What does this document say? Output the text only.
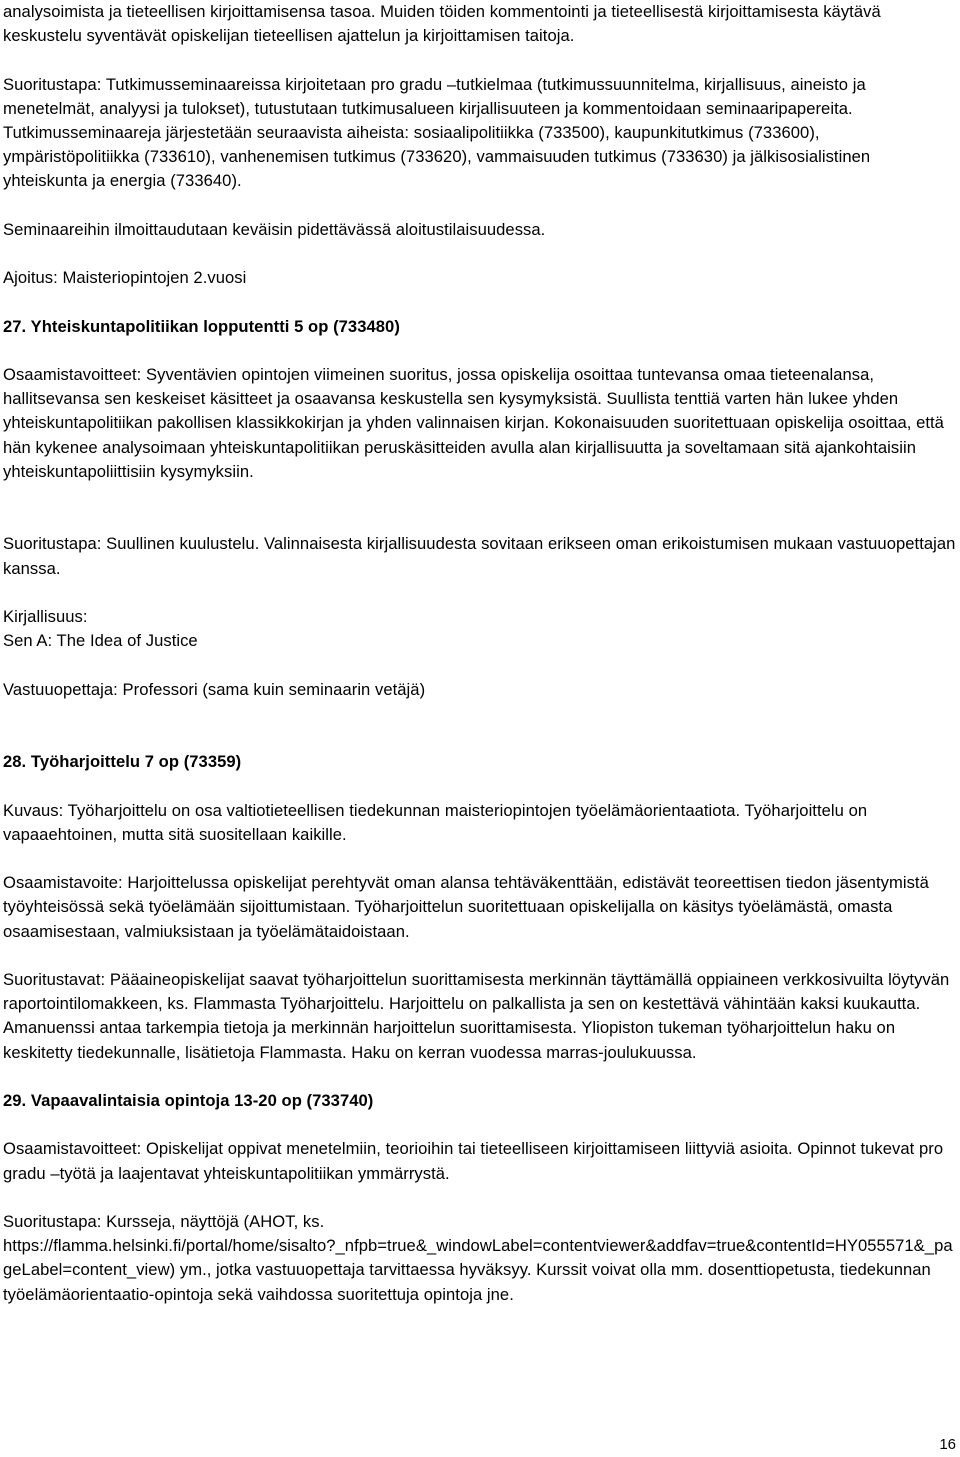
analysoimista ja tieteellisen kirjoittamisensa tasoa. Muiden töiden kommentointi ja tieteellisestä kirjoittamisesta käytävä keskustelu syventävät opiskelijan tieteellisen ajattelun ja kirjoittamisen taitoja.

Suoritustapa: Tutkimusseminaareissa kirjoitetaan pro gradu –tutkielmaa (tutkimussuunnitelma, kirjallisuus, aineisto ja menetelmät, analyysi ja tulokset), tutustutaan tutkimusalueen kirjallisuuteen ja kommentoidaan seminaaripapereita. Tutkimusseminaareja järjestetään seuraavista aiheista: sosiaalipolitiikka (733500), kaupunkitutkimus (733600), ympäristöpolitiikka (733610), vanhenemisen tutkimus (733620), vammaisuuden tutkimus (733630) ja jälkisosialistinen yhteiskunta ja energia (733640).

Seminaareihin ilmoittaudutaan keväisin pidettävässä aloitustilaisuudessa.

Ajoitus: Maisteriopintojen 2.vuosi

27. Yhteiskuntapolitiikan lopputentti 5 op (733480)

Osaamistavoitteet: Syventävien opintojen viimeinen suoritus, jossa opiskelija osoittaa tuntevansa omaa tieteenalansa, hallitsevansa sen keskeiset käsitteet ja osaavansa keskustella sen kysymyksistä. Suullista tenttiä varten hän lukee yhden yhteiskuntapolitiikan pakollisen klassikkokirjan ja yhden valinnaisen kirjan. Kokonaisuuden suoritettuaan opiskelija osoittaa, että hän kykenee analysoimaan yhteiskuntapolitiikan peruskäsitteiden avulla alan kirjallisuutta ja soveltamaan sitä ajankohtaisiin yhteiskuntapoliittisiin kysymyksiin.

Suoritustapa: Suullinen kuulustelu. Valinnaisesta kirjallisuudesta sovitaan erikseen oman erikoistumisen mukaan vastuuopettajan kanssa.

Kirjallisuus:

Sen A: The Idea of Justice

Vastuuopettaja: Professori (sama kuin seminaarin vetäjä)

28. Työharjoittelu 7 op (73359)

Kuvaus: Työharjoittelu on osa valtiotieteellisen tiedekunnan maisteriopintojen työelämäorientaatiota. Työharjoittelu on vapaaehtoinen, mutta sitä suositellaan kaikille.

Osaamistavoite: Harjoittelussa opiskelijat perehtyvät oman alansa tehtäväkenttään, edistävät teoreettisen tiedon jäsentymistä työyhteisössä sekä työelämään sijoittumistaan. Työharjoittelun suoritettuaan opiskelijalla on käsitys työelämästä, omasta osaamisestaan, valmiuksistaan ja työelämätaidoistaan.

Suoritustavat: Pääaineopiskelijat saavat työharjoittelun suorittamisesta merkinnän täyttämällä oppiaineen verkkosivuilta löytyvän raportointilomakkeen, ks. Flammasta Työharjoittelu. Harjoittelu on palkallista ja sen on kestettävä vähintään kaksi kuukautta. Amanuenssi antaa tarkempia tietoja ja merkinnän harjoittelun suorittamisesta. Yliopiston tukeman työharjoittelun haku on keskitetty tiedekunnalle, lisätietoja Flammasta. Haku on kerran vuodessa marras-joulukuussa.

29. Vapaavalintaisia opintoja 13-20 op (733740)

Osaamistavoitteet: Opiskelijat oppivat menetelmiin, teorioihin tai tieteelliseen kirjoittamiseen liittyviä asioita. Opinnot tukevat pro gradu –työtä ja laajentavat yhteiskuntapolitiikan ymmärrystä.

Suoritustapa: Kursseja, näyttöjä (AHOT, ks.
https://flamma.helsinki.fi/portal/home/sisalto?_nfpb=true&_windowLabel=contentviewer&addfav=true&contentId=HY055571&_pageLabel=content_view) ym., jotka vastuuopettaja tarvittaessa hyväksyy. Kurssit voivat olla mm. dosenttiopetusta, tiedekunnan työelämäorientaatio-opintoja sekä vaihdossa suoritettuja opintoja jne.

16
